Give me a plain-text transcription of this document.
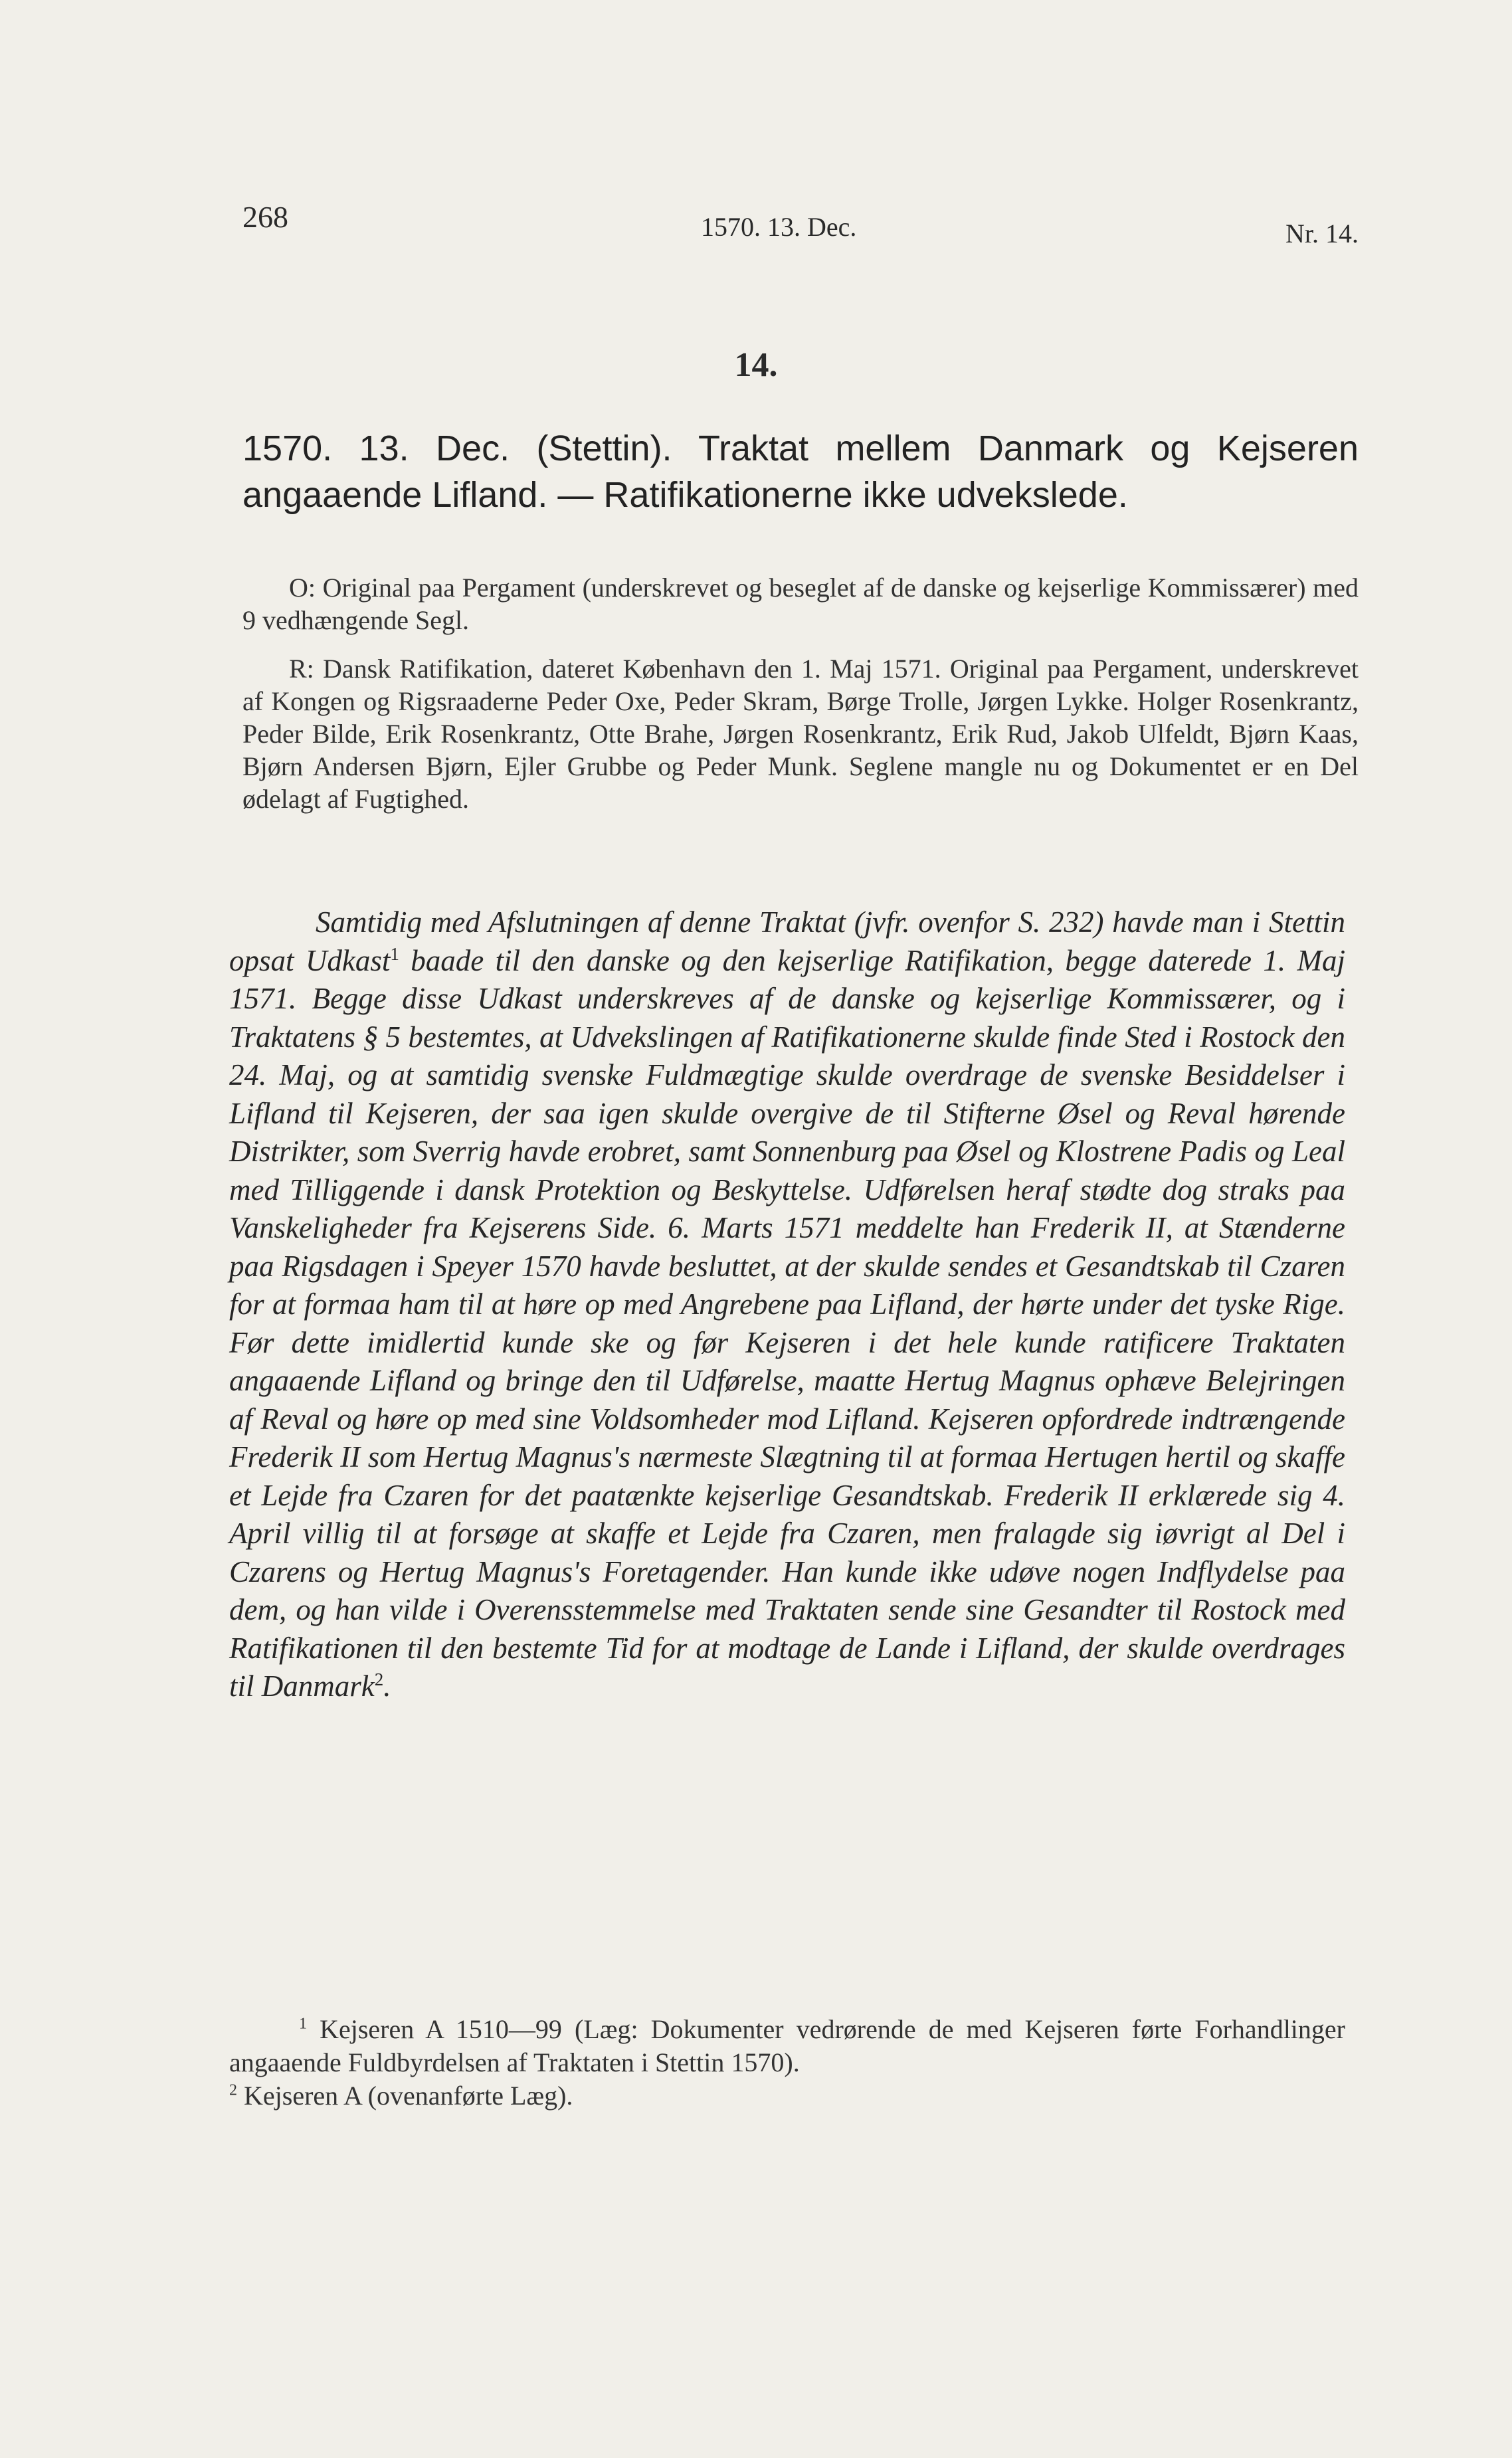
268	1570. 13. Dec.	Nr. 14.
14.
1570. 13. Dec. (Stettin). Traktat mellem Danmark og Kejseren angaaende Lifland. — Ratifikationerne ikke udvekslede.

O: Original paa Pergament (underskrevet og beseglet af de danske og kejserlige Kommissærer) med 9 vedhængende Segl.

R: Dansk Ratifikation, dateret København den 1. Maj 1571. Original paa Pergament, underskrevet af Kongen og Rigsraaderne Peder Oxe, Peder Skram, Børge Trolle, Jørgen Lykke. Holger Rosenkrantz, Peder Bilde, Erik Rosenkrantz, Otte Brahe, Jørgen Rosenkrantz, Erik Rud, Jakob Ulfeldt, Bjørn Kaas, Bjørn Andersen Bjørn, Ejler Grubbe og Peder Munk. Seglene mangle nu og Dokumentet er en Del ødelagt af Fugtighed.

Samtidig med Afslutningen af denne Traktat (jvfr. ovenfor S. 232) havde man i Stettin opsat Udkast$^1$ baade til den danske og den kejserlige Ratifikation, begge daterede 1. Maj 1571. Begge disse Udkast underskreves af de danske og kejserlige Kommissærer, og i Traktatens § 5 bestemtes, at Udvekslingen af Ratifikationerne skulde finde Sted i Rostock den 24. Maj, og at samtidig svenske Fuldmægtige skulde overdrage de svenske Besiddelser i Lifland til Kejseren, der saa igen skulde overgive de til Stifterne Øsel og Reval hørende Distrikter, som Sverrig havde erobret, samt Sonnenburg paa Øsel og Klostrene Padis og Leal med Tilliggende i dansk Protektion og Beskyttelse. Udførelsen heraf stødte dog straks paa Vanskeligheder fra Kejserens Side. 6. Marts 1571 meddelte han Frederik II, at Stænderne paa Rigsdagen i Speyer 1570 havde besluttet, at der skulde sendes et Gesandtskab til Czaren for at formaa ham til at høre op med Angrebene paa Lifland, der hørte under det tyske Rige. Før dette imidlertid kunde ske og før Kejseren i det hele kunde ratificere Traktaten angaaende Lifland og bringe den til Udførelse, maatte Hertug Magnus ophæve Belejringen af Reval og høre op med sine Voldsomheder mod Lifland. Kejseren opfordrede indtrængende Frederik II som Hertug Magnus's nærmeste Slægtning til at formaa Hertugen hertil og skaffe et Lejde fra Czaren for det paatænkte kejserlige Gesandtskab. Frederik II erklærede sig 4. April villig til at forsøge at skaffe et Lejde fra Czaren, men fralagde sig iøvrigt al Del i Czarens og Hertug Magnus's Foretagender. Han kunde ikke udøve nogen Indflydelse paa dem, og han vilde i Overensstemmelse med Traktaten sende sine Gesandter til Rostock med Ratifikationen til den bestemte Tid for at modtage de Lande i Lifland, der skulde overdrages til Danmark$^2$.

$^1$ Kejseren A 1510—99 (Læg: Dokumenter vedrørende de med Kejseren førte Forhandlinger angaaende Fuldbyrdelsen af Traktaten i Stettin 1570).

$^2$ Kejseren A (ovenanførte Læg).
